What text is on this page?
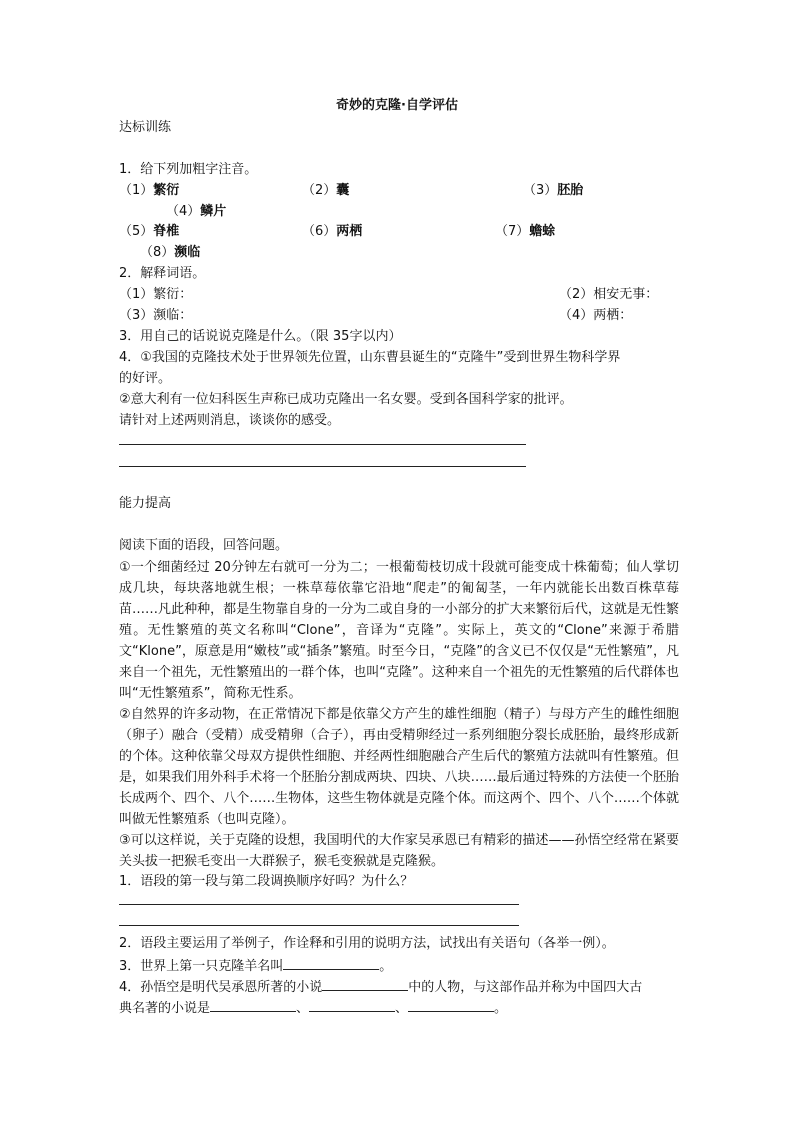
奇妙的克隆·自学评估
达标训练
1．给下列加粗字注音。
（1）繁衍	（2）囊	（3）胚胎
（4）鳞片
（5）脊椎	（6）两栖	（7）蟾蜍
（8）濒临
2．解释词语。
（1）繁衍：	（2）相安无事：
（3）濒临：	（4）两栖：
3．用自己的话说说克隆是什么。（限 35字以内）
4．①我国的克隆技术处于世界领先位置，山东曹县诞生的“克隆牛”受到世界生物科学界
的好评。
②意大利有一位妇科医生声称已成功克隆出一名女婴。受到各国科学家的批评。
请针对上述两则消息，谈谈你的感受。
能力提高
阅读下面的语段，回答问题。
①一个细菌经过 20分钟左右就可一分为二；一根葡萄枝切成十段就可能变成十株葡萄；仙人掌切成几块，每块落地就生根；一株草莓依靠它沿地“爬走”的匍匐茎，一年内就能长出数百株草莓苗……凡此种种，都是生物靠自身的一分为二或自身的一小部分的扩大来繁衍后代，这就是无性繁殖。无性繁殖的英文名称叫“Clone”，音译为“克隆”。实际上，英文的“Clone”来源于希腊文“Klone”，原意是用“嫩枝”或“插条”繁殖。时至今日，“克隆”的含义已不仅仅是“无性繁殖”，凡来自一个祖先，无性繁殖出的一群个体，也叫“克隆”。这种来自一个祖先的无性繁殖的后代群体也叫“无性繁殖系”，简称无性系。
②自然界的许多动物，在正常情况下都是依靠父方产生的雄性细胞（精子）与母方产生的雌性细胞（卵子）融合（受精）成受精卵（合子），再由受精卵经过一系列细胞分裂长成胚胎，最终形成新的个体。这种依靠父母双方提供性细胞、并经两性细胞融合产生后代的繁殖方法就叫有性繁殖。但是，如果我们用外科手术将一个胚胎分割成两块、四块、八块……最后通过特殊的方法使一个胚胎长成两个、四个、八个……生物体，这些生物体就是克隆个体。而这两个、四个、八个……个体就叫做无性繁殖系（也叫克隆）。
③可以这样说，关于克隆的设想，我国明代的大作家吴承恩已有精彩的描述——孙悟空经常在紧要关头拔一把猴毛变出一大群猴子，猴毛变猴就是克隆猴。
1．语段的第一段与第二段调换顺序好吗？为什么？
2．语段主要运用了举例子，作诠释和引用的说明方法，试找出有关语句（各举一例）。
3．世界上第一只克隆羊名叫	。
4．孙悟空是明代吴承恩所著的小说	中的人物，与这部作品并称为中国四大古
典名著的小说是	、	、	。
